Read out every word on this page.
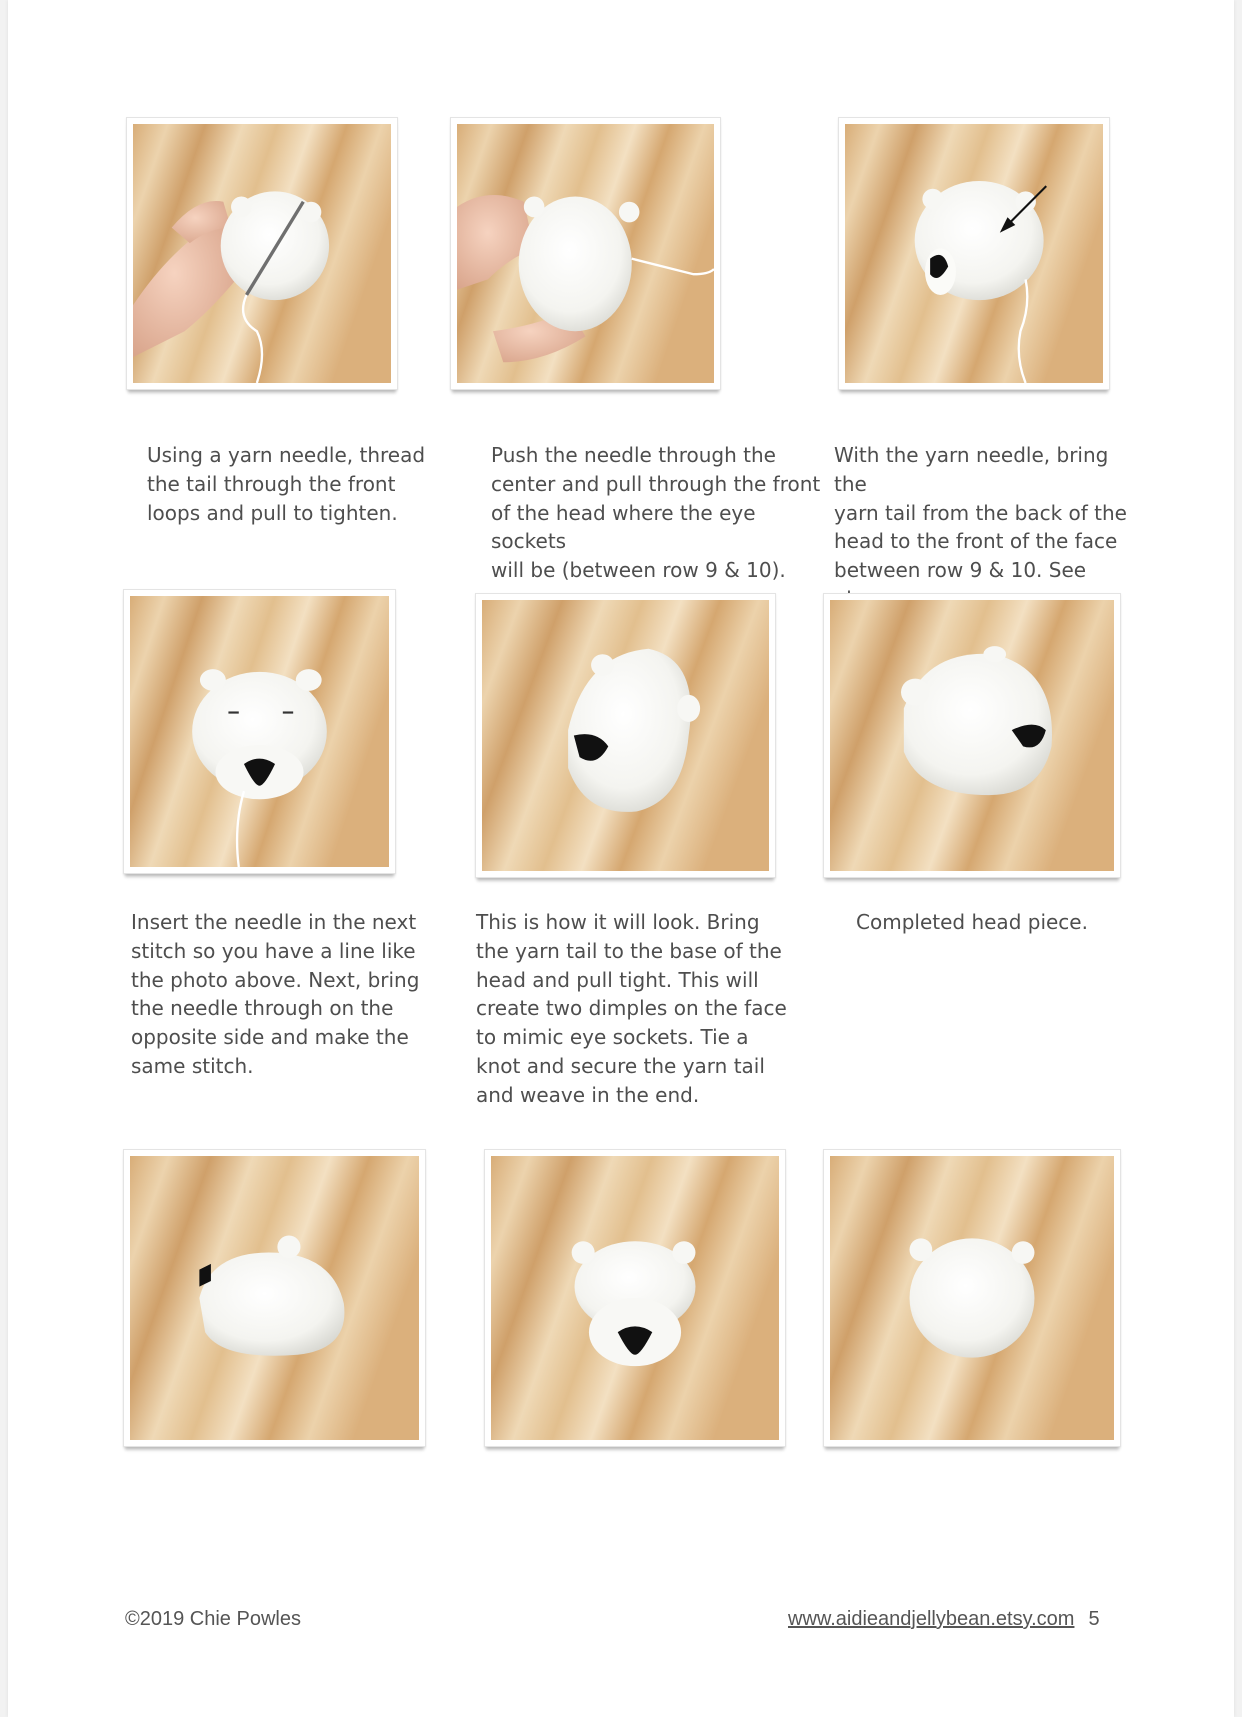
Using a yarn needle, thread
the tail through the front
loops and pull to tighten.

Push the needle through the
center and pull through the front
of the head where the eye sockets
will be (between row 9 & 10).

With the yarn needle, bring the
yarn tail from the back of the
head to the front of the face
between row 9 & 10. See

Insert the needle in the next
stitch so you have a line like
the photo above. Next, bring
the needle through on the
opposite side and make the
same stitch.

This is how it will look. Bring
the yarn tail to the base of the
head and pull tight. This will
create two dimples on the face
to mimic eye sockets. Tie a
knot and secure the yarn tail
and weave in the end.

Completed head piece.

©2019 Chie Powles	www.aidieandjellybean.etsy.com 5
